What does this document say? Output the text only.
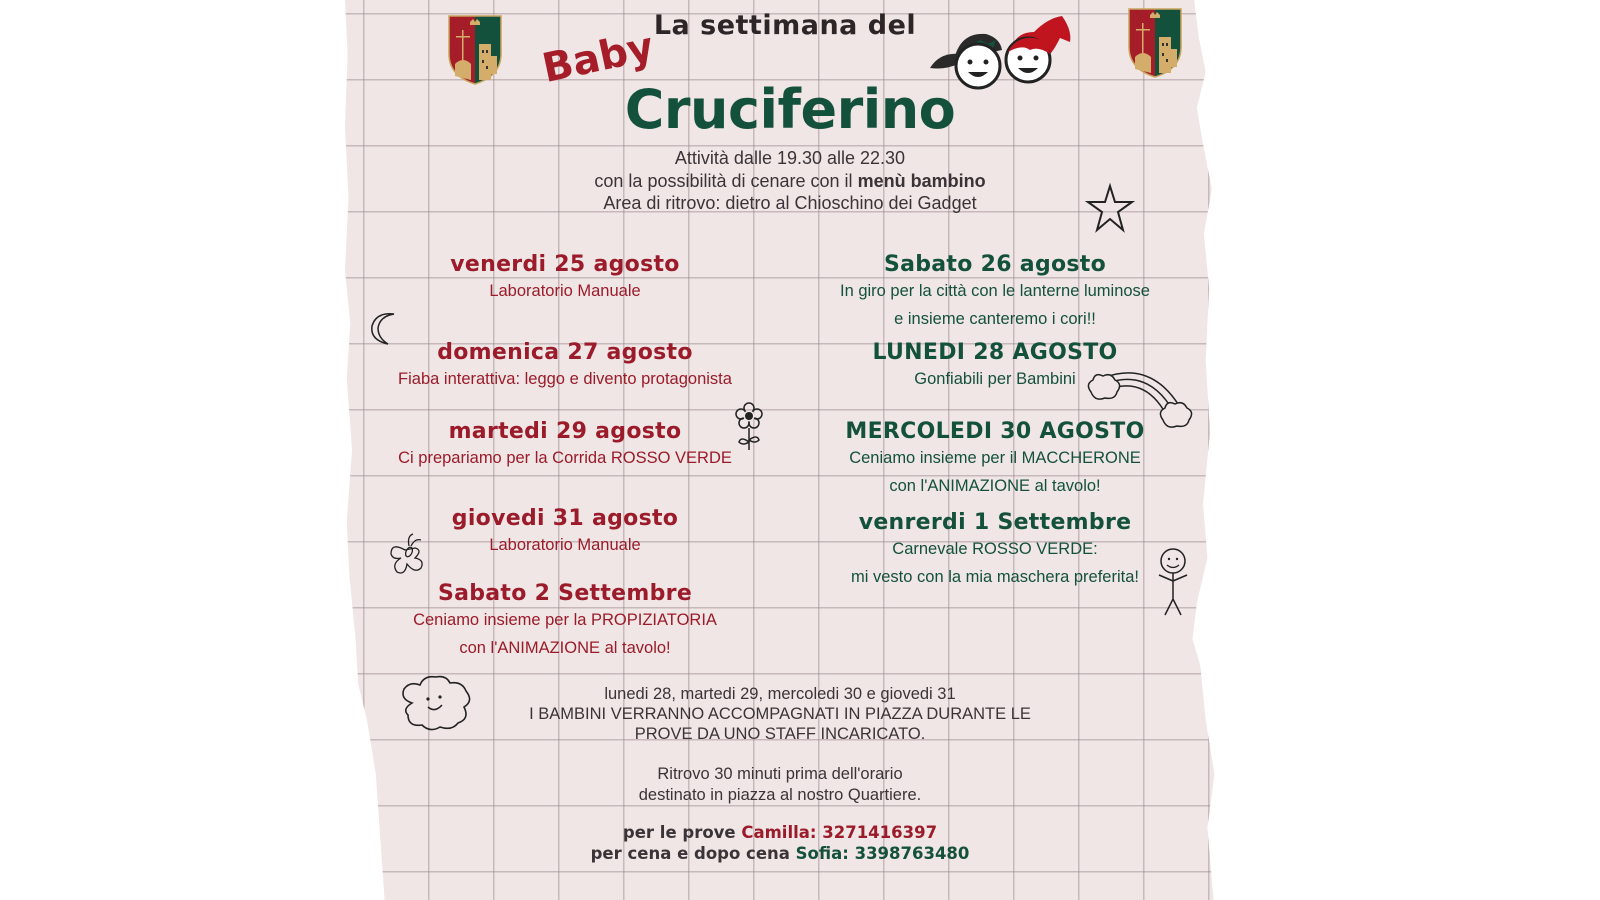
La settimana del
Baby
Cruciferino
Attività dalle 19.30 alle 22.30
con la possibilità di cenare con il menù bambino
Area di ritrovo: dietro al Chioschino dei Gadget
venerdi 25 agosto
Laboratorio Manuale
domenica 27 agosto
Fiaba interattiva: leggo e divento protagonista
martedi 29 agosto
Ci prepariamo per la Corrida ROSSO VERDE
giovedi 31 agosto
Laboratorio Manuale
Sabato 2 Settembre
Ceniamo insieme per la PROPIZIATORIA
con l'ANIMAZIONE al tavolo!
Sabato 26 agosto
In giro per la città con le lanterne luminose
e insieme canteremo i cori!!
LUNEDI 28 AGOSTO
Gonfiabili per Bambini
MERCOLEDI 30 AGOSTO
Ceniamo insieme per il MACCHERONE
con l'ANIMAZIONE al tavolo!
venrerdi 1 Settembre
Carnevale ROSSO VERDE:
mi vesto con la mia maschera preferita!
lunedi 28, martedi 29, mercoledi 30 e giovedi 31
I BAMBINI VERRANNO ACCOMPAGNATI IN PIAZZA DURANTE LE
PROVE DA UNO STAFF INCARICATO.
Ritrovo 30 minuti prima dell'orario
destinato in piazza al nostro Quartiere.
per le prove Camilla: 3271416397
per cena e dopo cena Sofia: 3398763480
